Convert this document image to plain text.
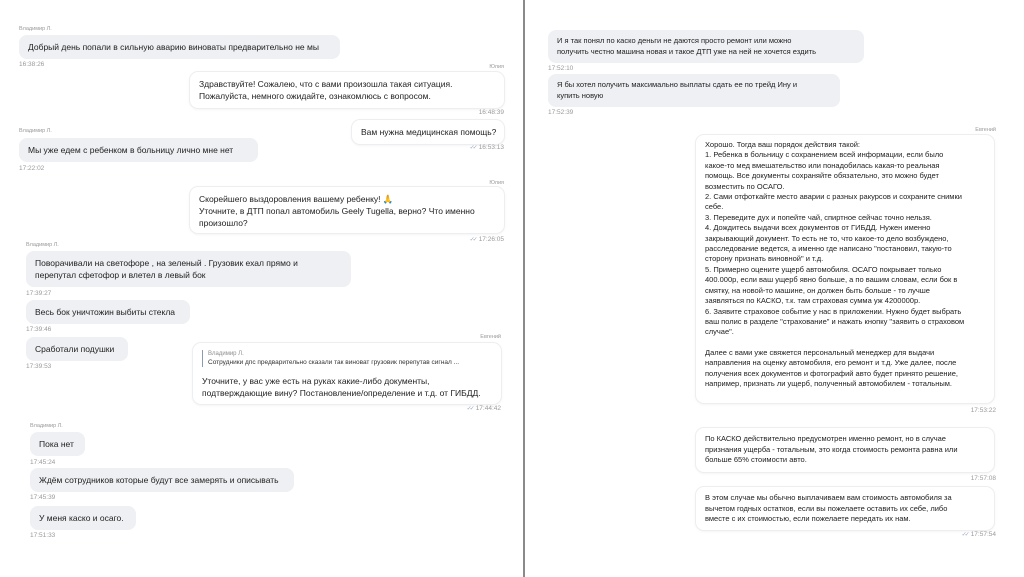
Владимир Л.
Добрый день попали в сильную аварию виноваты предварительно не мы
16:38:26	Юлия
Здравствуйте! Сожалею, что с вами произошла такая ситуация.
Пожалуйста, немного ожидайте, ознакомлюсь с вопросом.
16:48:39
Вам нужна медицинская помощь?
✓✓ 16:53:13
Владимир Л.
Мы уже едем с ребенком в больницу лично мне нет
17:22:02
Юлия
Скорейшего выздоровления вашему ребенку! 🙏
Уточните, в ДТП попал автомобиль Geely Tugella, верно? Что именно
произошло?
✓✓ 17:26:05
Владимир Л.
Поворачивали на светофоре , на зеленый . Грузовик ехал прямо и
перепутал сфетофор и влетел в левый бок
17:39:27
Весь бок уничтожин выбиты стекла
17:39:46
Сработали подушки
17:39:53
Евгений
Владимир Л.
Сотрудники дпс предварительно сказали так виноват грузовик перепутав сигнал ...
Уточните, у вас уже есть на руках какие-либо документы,
подтверждающие вину? Постановление/определение и т.д. от ГИБДД.
✓✓ 17:44:42
Владимир Л.
Пока нет
17:45:24
Ждём сотрудников которые будут все замерять и описывать
17:45:39
У меня каско и осаго.
17:51:33
И я так понял по каско деньги не даются просто ремонт или можно
получить честно машина новая и такое ДТП уже на ней не хочется ездить
17:52:10
Я бы хотел получить максимально выплаты сдать ее по трейд Ину и
купить новую
17:52:39
Евгений
Хорошо. Тогда ваш порядок действия такой:
1. Ребенка в больницу с сохранением всей информации, если было
какое-то мед вмешательство или понадобилась какая-то реальная
помощь. Все документы сохраняйте обязательно, это можно будет
возместить по ОСАГО.
2. Сами отфоткайте место аварии с разных ракурсов и сохраните снимки
себе.
3. Переведите дух и попейте чай, спиртное сейчас точно нельзя.
4. Дождитесь выдачи всех документов от ГИБДД. Нужен именно
закрывающий документ. То есть не то, что какое-то дело возбуждено,
расследование ведется, а именно где написано "постановил, такую-то
сторону признать виновной" и т.д.
5. Примерно оцените ущерб автомобиля. ОСАГО покрывает только
400.000р, если ваш ущерб явно больше, а по вашим словам, если бок в
смятку, на новой-то машине, он должен быть больше - то лучше
заявляться по КАСКО, т.к. там страховая сумма уж 4200000р.
6. Заявите страховое событие у нас в приложении. Нужно будет выбрать
ваш полис в разделе "страхование" и нажать кнопку "заявить о страховом
случае".
Далее с вами уже свяжется персональный менеджер для выдачи
направления на оценку автомобиля, его ремонт и т.д. Уже далее, после
получения всех документов и фотографий авто будет принято решение,
например, признать ли ущерб, полученный автомобилем - тотальным.
17:53:22
По КАСКО действительно предусмотрен именно ремонт, но в случае
признания ущерба - тотальным, это когда стоимость ремонта равна или
больше 65% стоимости авто.
17:57:08
В этом случае мы обычно выплачиваем вам стоимость автомобиля за
вычетом годных остатков, если вы пожелаете оставить их себе, либо
вместе с их стоимостью, если пожелаете передать их нам.
✓✓ 17:57:54
